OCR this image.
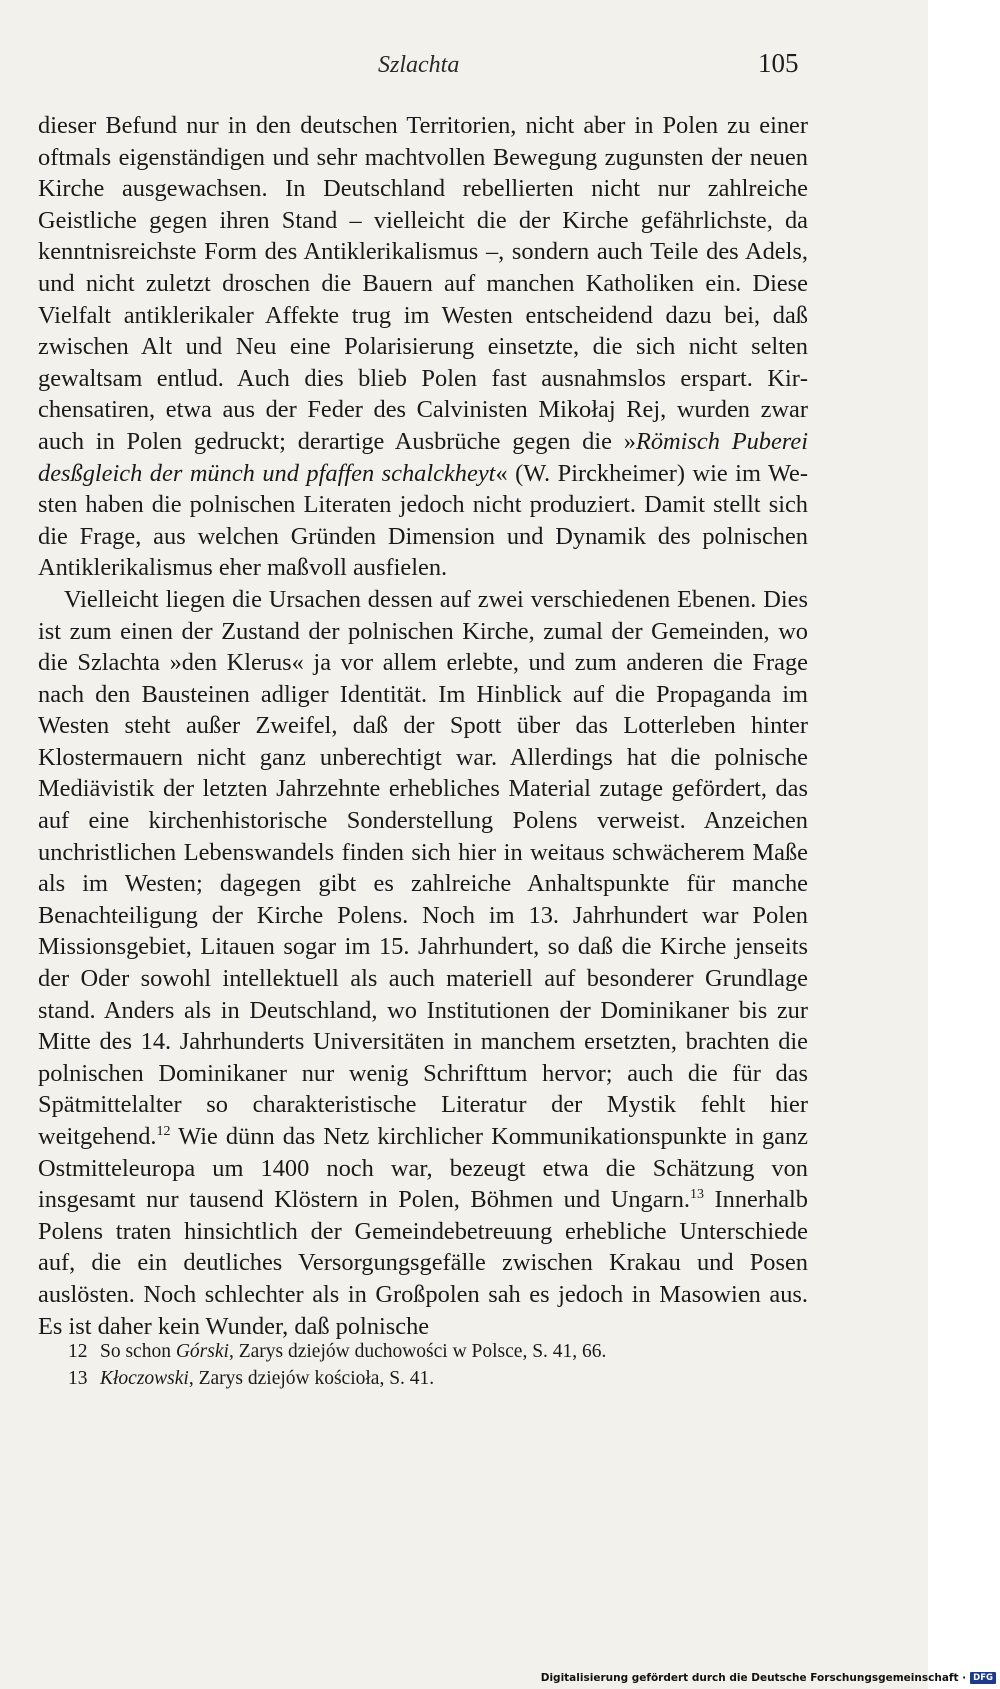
Szlachta	105

dieser Befund nur in den deutschen Territorien, nicht aber in Polen zu einer oftmals eigenständigen und sehr machtvollen Bewegung zugunsten der neuen Kirche ausgewachsen. In Deutschland rebellierten nicht nur zahlreiche Geistliche gegen ihren Stand – vielleicht die der Kirche gefährlichste, da kenntnisreichste Form des Antiklerikalismus –, sondern auch Teile des Adels, und nicht zuletzt droschen die Bauern auf manchen Katholiken ein. Diese Vielfalt antiklerikaler Affekte trug im Westen entscheidend dazu bei, daß zwischen Alt und Neu eine Polarisierung einsetzte, die sich nicht selten gewaltsam entlud. Auch dies blieb Polen fast ausnahmslos erspart. Kirchensatiren, etwa aus der Feder des Calvinisten Mikołaj Rej, wurden zwar auch in Polen gedruckt; derartige Ausbrüche gegen die »Römisch Puberei desßgleich der münch und pfaffen schalckheyt« (W. Pirckheimer) wie im Westen haben die polnischen Literaten jedoch nicht produziert. Damit stellt sich die Frage, aus welchen Gründen Dimension und Dynamik des polnischen Antiklerikalismus eher maßvoll ausfielen.

Vielleicht liegen die Ursachen dessen auf zwei verschiedenen Ebenen. Dies ist zum einen der Zustand der polnischen Kirche, zumal der Gemeinden, wo die Szlachta »den Klerus« ja vor allem erlebte, und zum anderen die Frage nach den Bausteinen adliger Identität. Im Hinblick auf die Propaganda im Westen steht außer Zweifel, daß der Spott über das Lotterleben hinter Klostermauern nicht ganz unberechtigt war. Allerdings hat die polnische Mediävistik der letzten Jahrzehnte erhebliches Material zutage gefördert, das auf eine kirchenhistorische Sonderstellung Polens verweist. Anzeichen unchristlichen Lebenswandels finden sich hier in weitaus schwächerem Maße als im Westen; dagegen gibt es zahlreiche Anhaltspunkte für manche Benachteiligung der Kirche Polens. Noch im 13. Jahrhundert war Polen Missionsgebiet, Litauen sogar im 15. Jahrhundert, so daß die Kirche jenseits der Oder sowohl intellektuell als auch materiell auf besonderer Grundlage stand. Anders als in Deutschland, wo Institutionen der Dominikaner bis zur Mitte des 14. Jahrhunderts Universitäten in manchem ersetzten, brachten die polnischen Dominikaner nur wenig Schrifttum hervor; auch die für das Spätmittelalter so charakteristische Literatur der Mystik fehlt hier weitgehend.$^{12}$ Wie dünn das Netz kirchlicher Kommunikationspunkte in ganz Ostmitteleuropa um 1400 noch war, bezeugt etwa die Schätzung von insgesamt nur tausend Klöstern in Polen, Böhmen und Ungarn.$^{13}$ Innerhalb Polens traten hinsichtlich der Gemeindebetreuung erhebliche Unterschiede auf, die ein deutliches Versorgungsgefälle zwischen Krakau und Posen auslösten. Noch schlechter als in Großpolen sah es jedoch in Masowien aus. Es ist daher kein Wunder, daß polnische

12 So schon Górski, Zarys dziejów duchowości w Polsce, S. 41, 66.
13 Kłoczowski, Zarys dziejów kościoła, S. 41.
Digitalisierung gefördert durch die Deutsche Forschungsgemeinschaft · DFG
